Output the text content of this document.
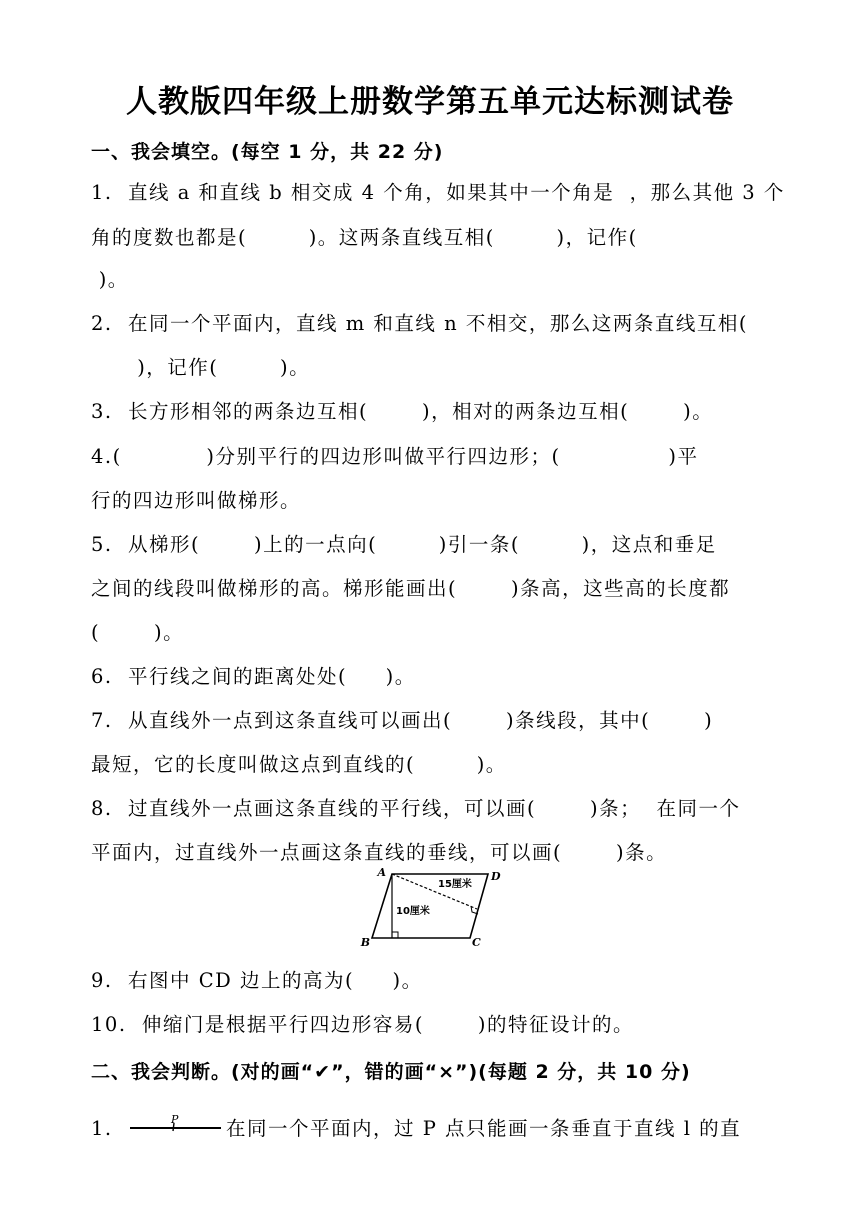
人教版四年级上册数学第五单元达标测试卷
一、我会填空。(每空 1 分，共 22 分)
1.  直线 a 和直线 b 相交成 4 个角，如果其中一个角是  ，那么其他 3 个
角的度数也都是(        )。这两条直线互相(        )，记作(
)。
2.  在同一个平面内，直线 m 和直线 n 不相交，那么这两条直线互相(
)，记作(        )。
3.  长方形相邻的两条边互相(       )，相对的两条边互相(       )。
4.(           )分别平行的四边形叫做平行四边形；(              )平
行的四边形叫做梯形。
5.  从梯形(       )上的一点向(        )引一条(        )，这点和垂足
之间的线段叫做梯形的高。梯形能画出(       )条高，这些高的长度都
(       )。
6.  平行线之间的距离处处(     )。
7.  从直线外一点到这条直线可以画出(       )条线段，其中(       )
最短，它的长度叫做这点到直线的(        )。
8.  过直线外一点画这条直线的平行线，可以画(       )条；  在同一个
平面内，过直线外一点画这条直线的垂线，可以画(       )条。
A	D
B	C
15厘米
10厘米
9.  右图中 CD 边上的高为(     )。
10.  伸缩门是根据平行四边形容易(       )的特征设计的。
二、我会判断。(对的画“✔”，错的画“×”)(每题 2 分，共 10 分)
1.	P 在同一个平面内，过 P 点只能画一条垂直于直线 l 的直
